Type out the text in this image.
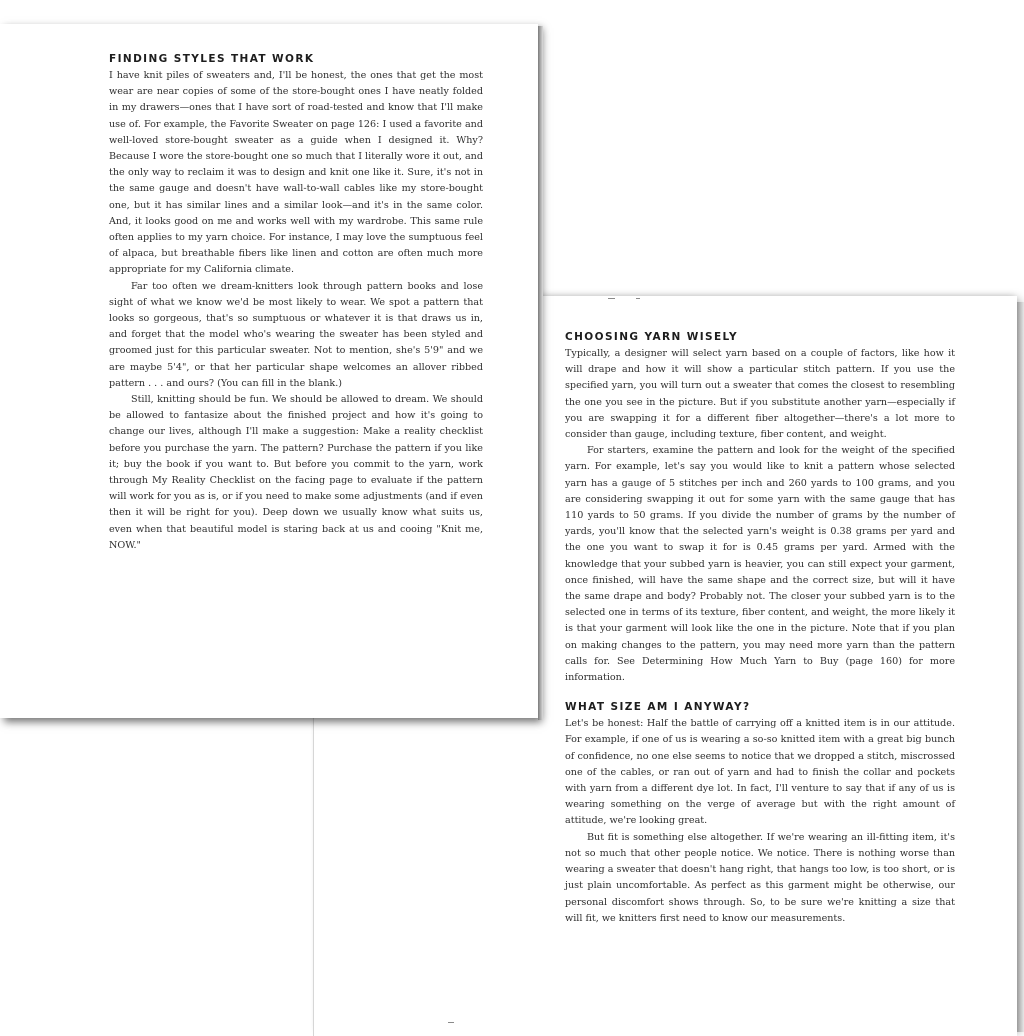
CHOOSING YARN WISELY

Typically, a designer will select yarn based on a couple of factors, like how it will drape and how it will show a particular stitch pattern. If you use the specified yarn, you will turn out a sweater that comes the closest to resembling the one you see in the picture. But if you substitute another yarn—especially if you are swapping it for a different fiber altogether—there's a lot more to consider than gauge, including texture, fiber content, and weight.

For starters, examine the pattern and look for the weight of the specified yarn. For example, let's say you would like to knit a pattern whose selected yarn has a gauge of 5 stitches per inch and 260 yards to 100 grams, and you are considering swapping it out for some yarn with the same gauge that has 110 yards to 50 grams. If you divide the number of grams by the number of yards, you'll know that the selected yarn's weight is 0.38 grams per yard and the one you want to swap it for is 0.45 grams per yard. Armed with the knowledge that your subbed yarn is heavier, you can still expect your garment, once finished, will have the same shape and the correct size, but will it have the same drape and body? Probably not. The closer your subbed yarn is to the selected one in terms of its texture, fiber content, and weight, the more likely it is that your garment will look like the one in the picture. Note that if you plan on making changes to the pattern, you may need more yarn than the pattern calls for. See Determining How Much Yarn to Buy (page 160) for more information.

WHAT SIZE AM I ANYWAY?

Let's be honest: Half the battle of carrying off a knitted item is in our attitude. For example, if one of us is wearing a so-so knitted item with a great big bunch of confidence, no one else seems to notice that we dropped a stitch, miscrossed one of the cables, or ran out of yarn and had to finish the collar and pockets with yarn from a different dye lot. In fact, I'll venture to say that if any of us is wearing something on the verge of average but with the right amount of attitude, we're looking great.

But fit is something else altogether. If we're wearing an ill-fitting item, it's not so much that other people notice. We notice. There is nothing worse than wearing a sweater that doesn't hang right, that hangs too low, is too short, or is just plain uncomfortable. As perfect as this garment might be otherwise, our personal discomfort shows through. So, to be sure we're knitting a size that will fit, we knitters first need to know our measurements.

FINDING STYLES THAT WORK

I have knit piles of sweaters and, I'll be honest, the ones that get the most wear are near copies of some of the store-bought ones I have neatly folded in my drawers—ones that I have sort of road-tested and know that I'll make use of. For example, the Favorite Sweater on page 126: I used a favorite and well-loved store-bought sweater as a guide when I designed it. Why? Because I wore the store-bought one so much that I literally wore it out, and the only way to reclaim it was to design and knit one like it. Sure, it's not in the same gauge and doesn't have wall-to-wall cables like my store-bought one, but it has similar lines and a similar look—and it's in the same color. And, it looks good on me and works well with my wardrobe. This same rule often applies to my yarn choice. For instance, I may love the sumptuous feel of alpaca, but breathable fibers like linen and cotton are often much more appropriate for my California climate.

Far too often we dream-knitters look through pattern books and lose sight of what we know we'd be most likely to wear. We spot a pattern that looks so gorgeous, that's so sumptuous or whatever it is that draws us in, and forget that the model who's wearing the sweater has been styled and groomed just for this particular sweater. Not to mention, she's 5'9" and we are maybe 5'4", or that her particular shape welcomes an allover ribbed pattern . . . and ours? (You can fill in the blank.)

Still, knitting should be fun. We should be allowed to dream. We should be allowed to fantasize about the finished project and how it's going to change our lives, although I'll make a suggestion: Make a reality checklist before you purchase the yarn. The pattern? Purchase the pattern if you like it; buy the book if you want to. But before you commit to the yarn, work through My Reality Checklist on the facing page to evaluate if the pattern will work for you as is, or if you need to make some adjustments (and if even then it will be right for you). Deep down we usually know what suits us, even when that beautiful model is staring back at us and cooing "Knit me, NOW."
